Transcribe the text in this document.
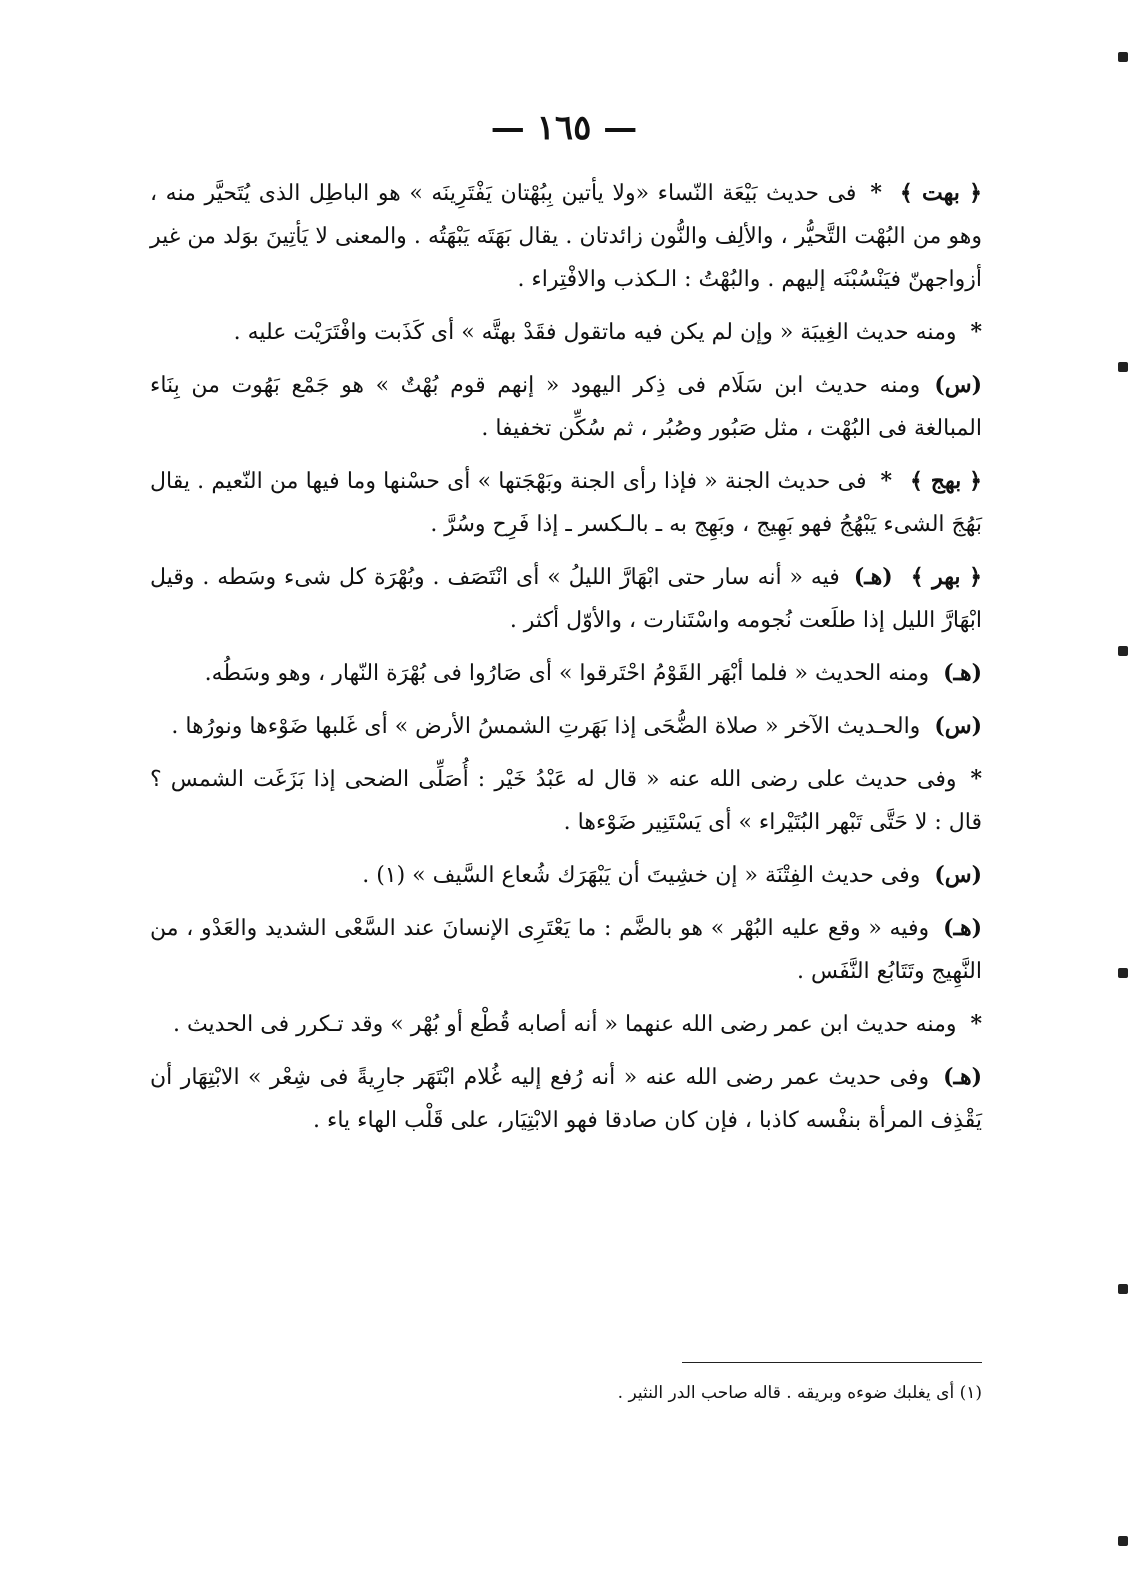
— ١٦٥ —

﴿ بهت ﴾*فى حديث بَيْعَة النّساء «ولا يأتين بِبُهْتان يَفْتَرِينَه » هو الباطِل الذى يُتَحيَّر منه ، وهو من البُهْت التَّحيُّر ، والألِف والنُّون زائدتان . يقال بَهَتَه يَبْهَتُه . والمعنى لا يَأتِينَ بوَلد من غير أزواجهنّ فيَنْسُبْنَه إليهم . والبُهْتُ : الـكذب والافْتِراء .

*ومنه حديث الغِيبَة « وإن لم يكن فيه ماتقول فقَدْ بهتَّه » أى كَذَبت وافْتَرَيْت عليه .

(س)ومنه حديث ابن سَلَام فى ذِكر اليهود « إنهم قوم بُهْتٌ » هو جَمْع بَهُوت من بِنَاء المبالغة فى البُهْت ، مثل صَبُور وصُبُر ، ثم سُكِّن تخفيفا .

﴿ بهج ﴾*فى حديث الجنة « فإذا رأى الجنة وبَهْجَتها » أى حسْنها وما فيها من النّعيم . يقال بَهُجَ الشىء يَبْهُجُ فهو بَهِيج ، وبَهِج به ـ بالـكسر ـ إذا فَرِح وسُرَّ .

﴿ بهر ﴾(هـ)فيه « أنه سار حتى ابْهَارَّ الليلُ » أى انْتَصَف . وبُهْرَة كل شىء وسَطه . وقيل ابْهَارَّ الليل إذا طلَعت نُجومه واسْتَنارت ، والأوّل أكثر .

(هـ)ومنه الحديث « فلما أبْهَر القَوْمُ احْتَرقوا » أى صَارُوا فى بُهْرَة النّهار ، وهو وسَطُه.

(س)والحـديث الآخر « صلاة الضُّحَى إذا بَهَرتِ الشمسُ الأرض » أى غَلبها ضَوْءها ونورُها .

*وفى حديث على رضى الله عنه « قال له عَبْدُ خَيْر : أُصَلِّى الضحى إذا بَزَغَت الشمس ؟ قال : لا حَتَّى تَبْهر البُتَيْراء » أى يَسْتَنِير ضَوْءها .

(س)وفى حديث الفِتْنَة « إن خشِيتَ أن يَبْهَرَك شُعاع السَّيف » (١) .

(هـ)وفيه « وقع عليه البُهْر » هو بالضَّم : ما يَعْتَرِى الإنسانَ عند السَّعْى الشديد والعَدْو ، من النَّهِيج وتَتَابُع النَّفَس .

*ومنه حديث ابن عمر رضى الله عنهما « أنه أصابه قُطْع أو بُهْر » وقد تـكرر فى الحديث .

(هـ)وفى حديث عمر رضى الله عنه « أنه رُفع إليه غُلام ابْتَهَر جارِيةً فى شِعْر » الابْتِهَار أن يَقْذِف المرأة بنفْسه كاذبا ، فإن كان صادقا فهو الابْتِيَار، على قَلْب الهاء ياء .

(١) أى يغلبك ضوءه وبريقه . قاله صاحب الدر النثير .
